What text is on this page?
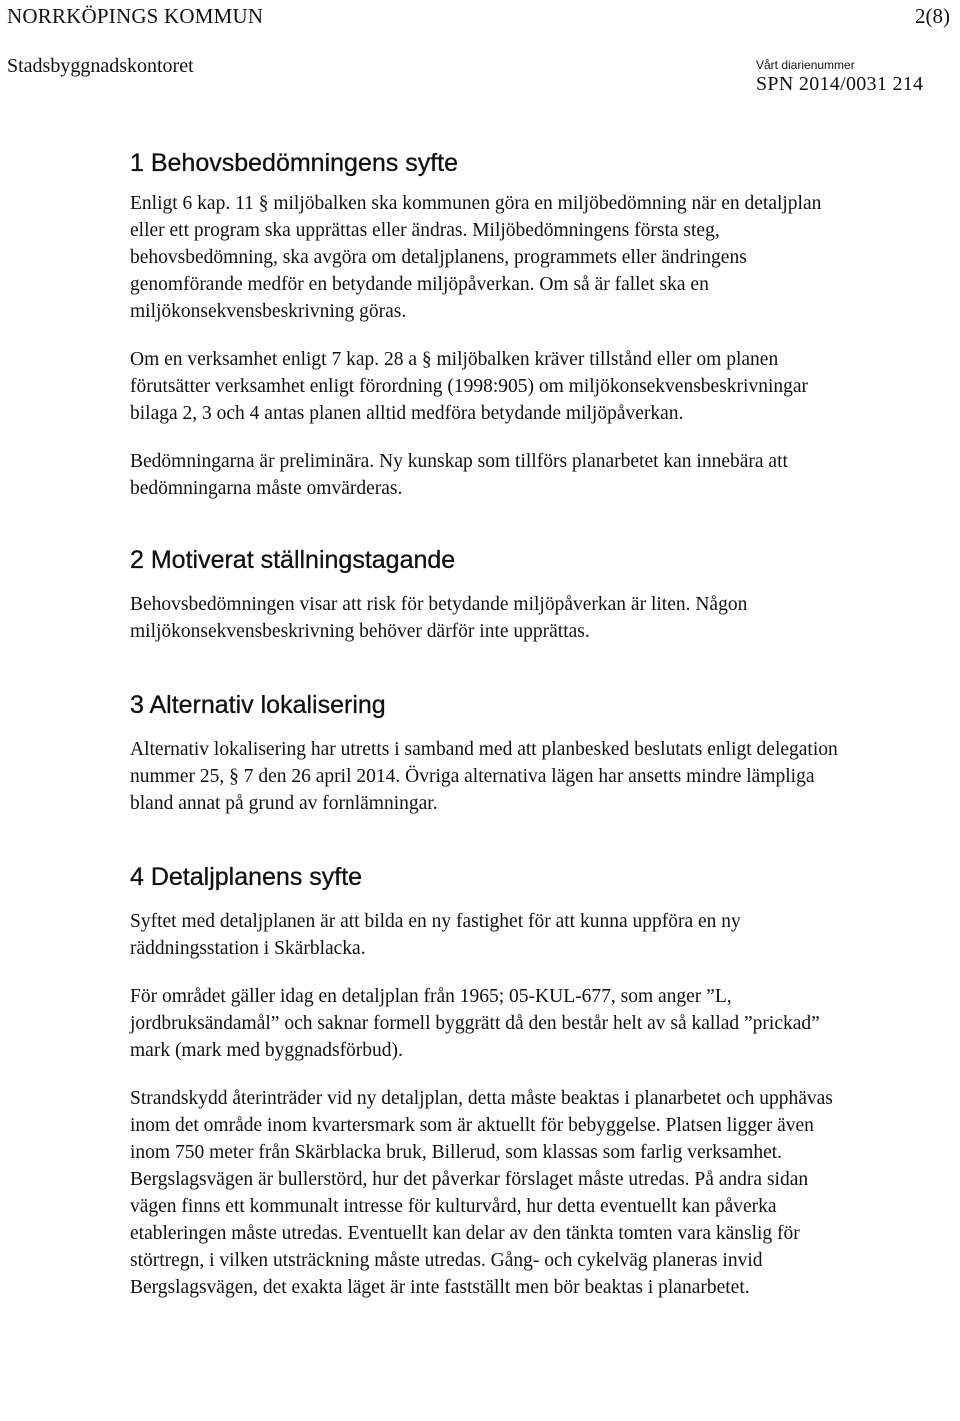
NORRKÖPINGS KOMMUN	2(8)
Stadsbyggnadskontoret	Vårt diarienummer
SPN 2014/0031 214
1 Behovsbedömningens syfte

Enligt 6 kap. 11 § miljöbalken ska kommunen göra en miljöbedömning när en detaljplan eller ett program ska upprättas eller ändras. Miljöbedömningens första steg, behovsbedömning, ska avgöra om detaljplanens, programmets eller ändringens genomförande medför en betydande miljöpåverkan. Om så är fallet ska en miljökonsekvensbeskrivning göras.

Om en verksamhet enligt 7 kap. 28 a § miljöbalken kräver tillstånd eller om planen förutsätter verksamhet enligt förordning (1998:905) om miljökonsekvensbeskrivningar bilaga 2, 3 och 4 antas planen alltid medföra betydande miljöpåverkan.

Bedömningarna är preliminära. Ny kunskap som tillförs planarbetet kan innebära att bedömningarna måste omvärderas.

2 Motiverat ställningstagande

Behovsbedömningen visar att risk för betydande miljöpåverkan är liten. Någon miljökonsekvensbeskrivning behöver därför inte upprättas.

3 Alternativ lokalisering

Alternativ lokalisering har utretts i samband med att planbesked beslutats enligt delegation nummer 25, § 7 den 26 april 2014. Övriga alternativa lägen har ansetts mindre lämpliga bland annat på grund av fornlämningar.

4 Detaljplanens syfte

Syftet med detaljplanen är att bilda en ny fastighet för att kunna uppföra en ny räddningsstation i Skärblacka.

För området gäller idag en detaljplan från 1965; 05-KUL-677, som anger ”L, jordbruksändamål” och saknar formell byggrätt då den består helt av så kallad ”prickad” mark (mark med byggnadsförbud).

Strandskydd återinträder vid ny detaljplan, detta måste beaktas i planarbetet och upphävas inom det område inom kvartersmark som är aktuellt för bebyggelse. Platsen ligger även inom 750 meter från Skärblacka bruk, Billerud, som klassas som farlig verksamhet. Bergslagsvägen är bullerstörd, hur det påverkar förslaget måste utredas. På andra sidan vägen finns ett kommunalt intresse för kulturvård, hur detta eventuellt kan påverka etableringen måste utredas. Eventuellt kan delar av den tänkta tomten vara känslig för störtregn, i vilken utsträckning måste utredas. Gång- och cykelväg planeras invid Bergslagsvägen, det exakta läget är inte fastställt men bör beaktas i planarbetet.
